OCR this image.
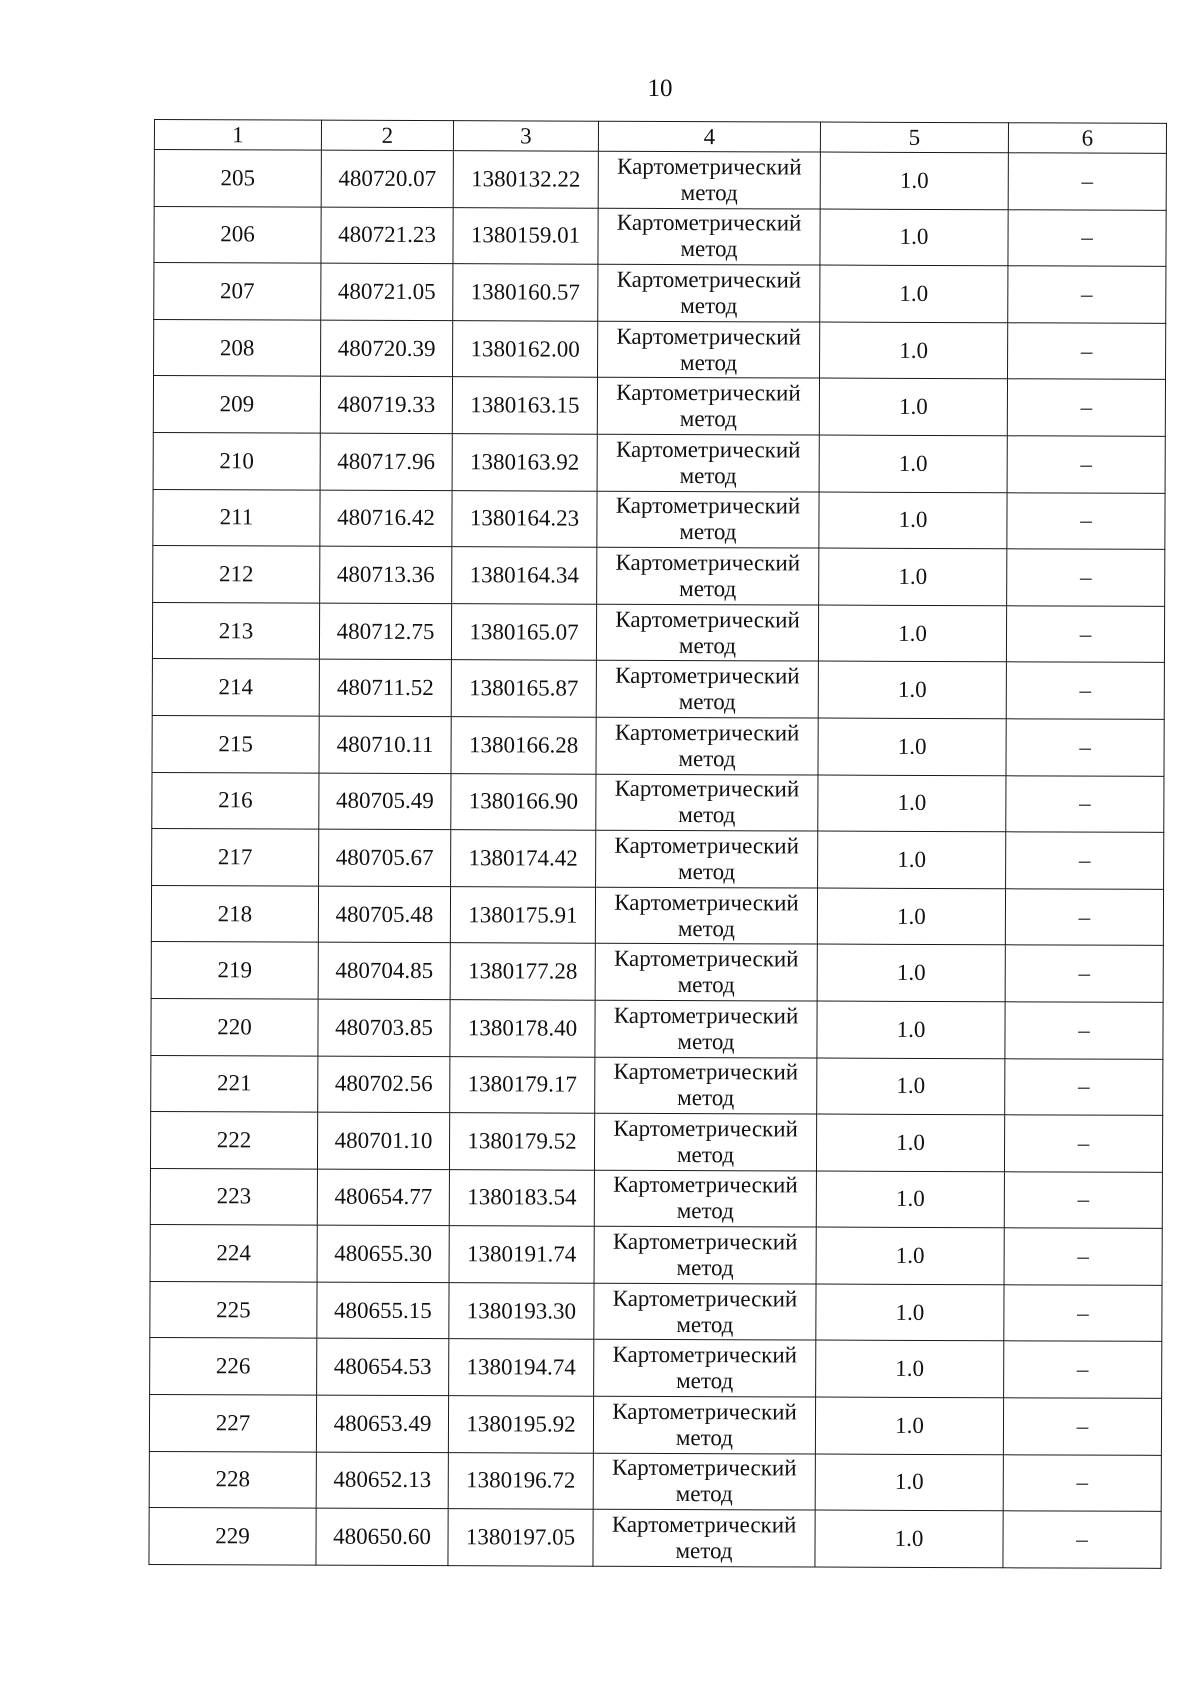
10
1	2	3	4	5	6
205	480720.07	1380132.22	Картометрический метод	1.0	–
206	480721.23	1380159.01	Картометрический метод	1.0	–
207	480721.05	1380160.57	Картометрический метод	1.0	–
208	480720.39	1380162.00	Картометрический метод	1.0	–
209	480719.33	1380163.15	Картометрический метод	1.0	–
210	480717.96	1380163.92	Картометрический метод	1.0	–
211	480716.42	1380164.23	Картометрический метод	1.0	–
212	480713.36	1380164.34	Картометрический метод	1.0	–
213	480712.75	1380165.07	Картометрический метод	1.0	–
214	480711.52	1380165.87	Картометрический метод	1.0	–
215	480710.11	1380166.28	Картометрический метод	1.0	–
216	480705.49	1380166.90	Картометрический метод	1.0	–
217	480705.67	1380174.42	Картометрический метод	1.0	–
218	480705.48	1380175.91	Картометрический метод	1.0	–
219	480704.85	1380177.28	Картометрический метод	1.0	–
220	480703.85	1380178.40	Картометрический метод	1.0	–
221	480702.56	1380179.17	Картометрический метод	1.0	–
222	480701.10	1380179.52	Картометрический метод	1.0	–
223	480654.77	1380183.54	Картометрический метод	1.0	–
224	480655.30	1380191.74	Картометрический метод	1.0	–
225	480655.15	1380193.30	Картометрический метод	1.0	–
226	480654.53	1380194.74	Картометрический метод	1.0	–
227	480653.49	1380195.92	Картометрический метод	1.0	–
228	480652.13	1380196.72	Картометрический метод	1.0	–
229	480650.60	1380197.05	Картометрический метод	1.0	–
